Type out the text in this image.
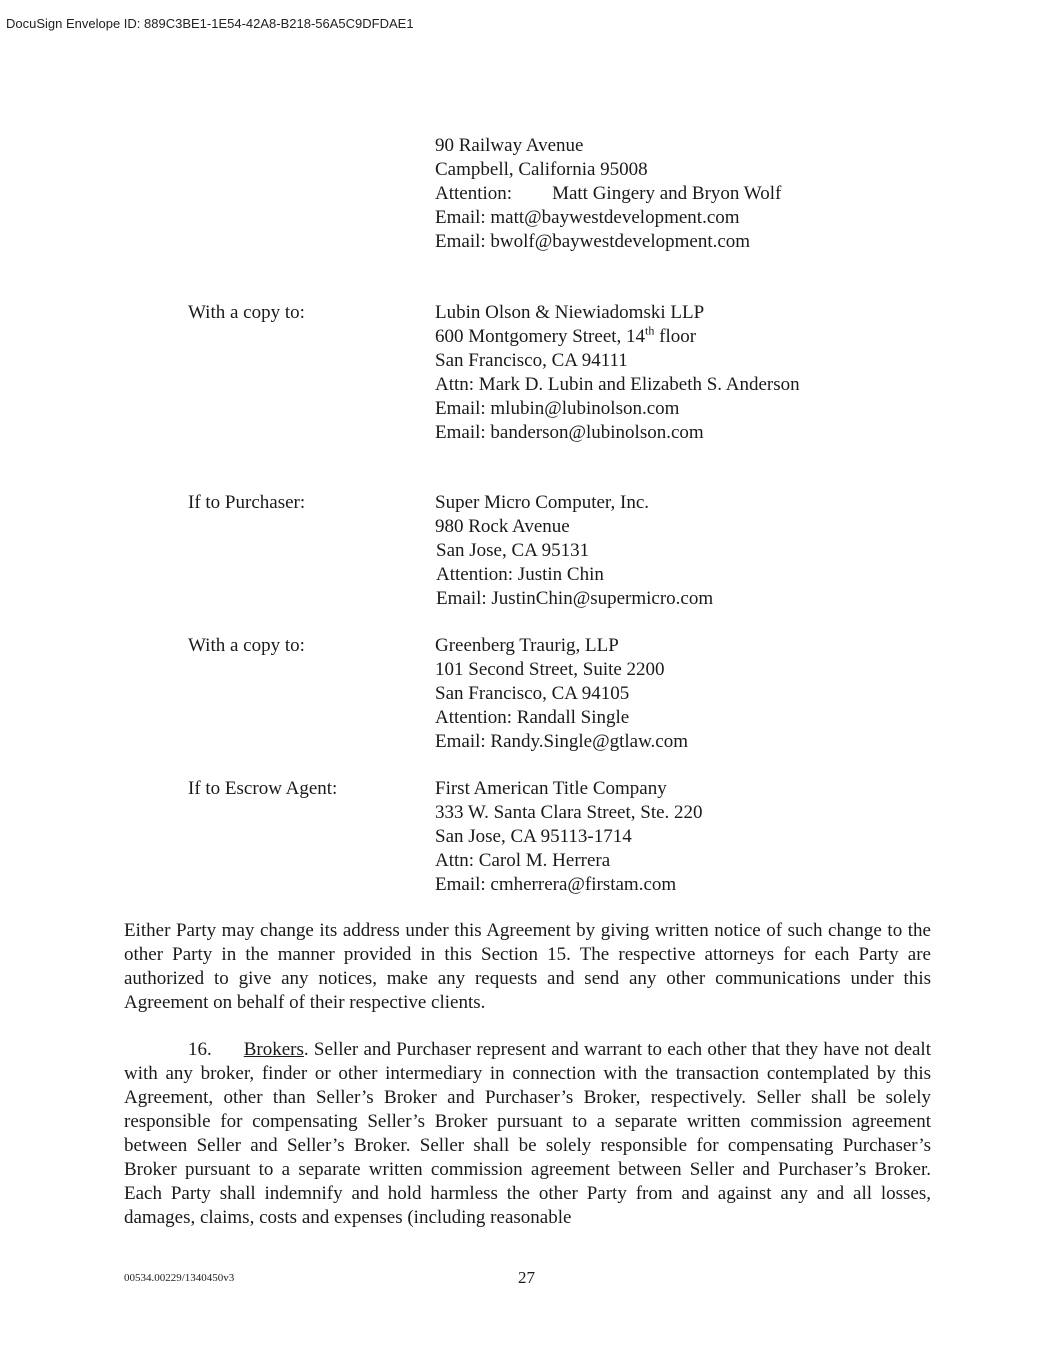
DocuSign Envelope ID: 889C3BE1-1E54-42A8-B218-56A5C9DFDAE1
90 Railway Avenue
Campbell, California 95008
Attention: Matt Gingery and Bryon Wolf
Email: matt@baywestdevelopment.com
Email: bwolf@baywestdevelopment.com
With a copy to:	Lubin Olson & Niewiadomski LLP
600 Montgomery Street, 14th floor
San Francisco, CA 94111
Attn: Mark D. Lubin and Elizabeth S. Anderson
Email: mlubin@lubinolson.com
Email: banderson@lubinolson.com
If to Purchaser:	Super Micro Computer, Inc.
980 Rock Avenue
San Jose, CA 95131
Attention: Justin Chin
Email: JustinChin@supermicro.com
With a copy to:	Greenberg Traurig, LLP
101 Second Street, Suite 2200
San Francisco, CA 94105
Attention: Randall Single
Email: Randy.Single@gtlaw.com
If to Escrow Agent:	First American Title Company
333 W. Santa Clara Street, Ste. 220
San Jose, CA 95113-1714
Attn: Carol M. Herrera
Email: cmherrera@firstam.com

Either Party may change its address under this Agreement by giving written notice of such change to the other Party in the manner provided in this Section 15. The respective attorneys for each Party are authorized to give any notices, make any requests and send any other communications under this Agreement on behalf of their respective clients.

16. Brokers. Seller and Purchaser represent and warrant to each other that they have not dealt with any broker, finder or other intermediary in connection with the transaction contemplated by this Agreement, other than Seller’s Broker and Purchaser’s Broker, respectively. Seller shall be solely responsible for compensating Seller’s Broker pursuant to a separate written commission agreement between Seller and Seller’s Broker. Seller shall be solely responsible for compensating Purchaser’s Broker pursuant to a separate written commission agreement between Seller and Purchaser’s Broker. Each Party shall indemnify and hold harmless the other Party from and against any and all losses, damages, claims, costs and expenses (including reasonable

00534.00229/1340450v3	27
